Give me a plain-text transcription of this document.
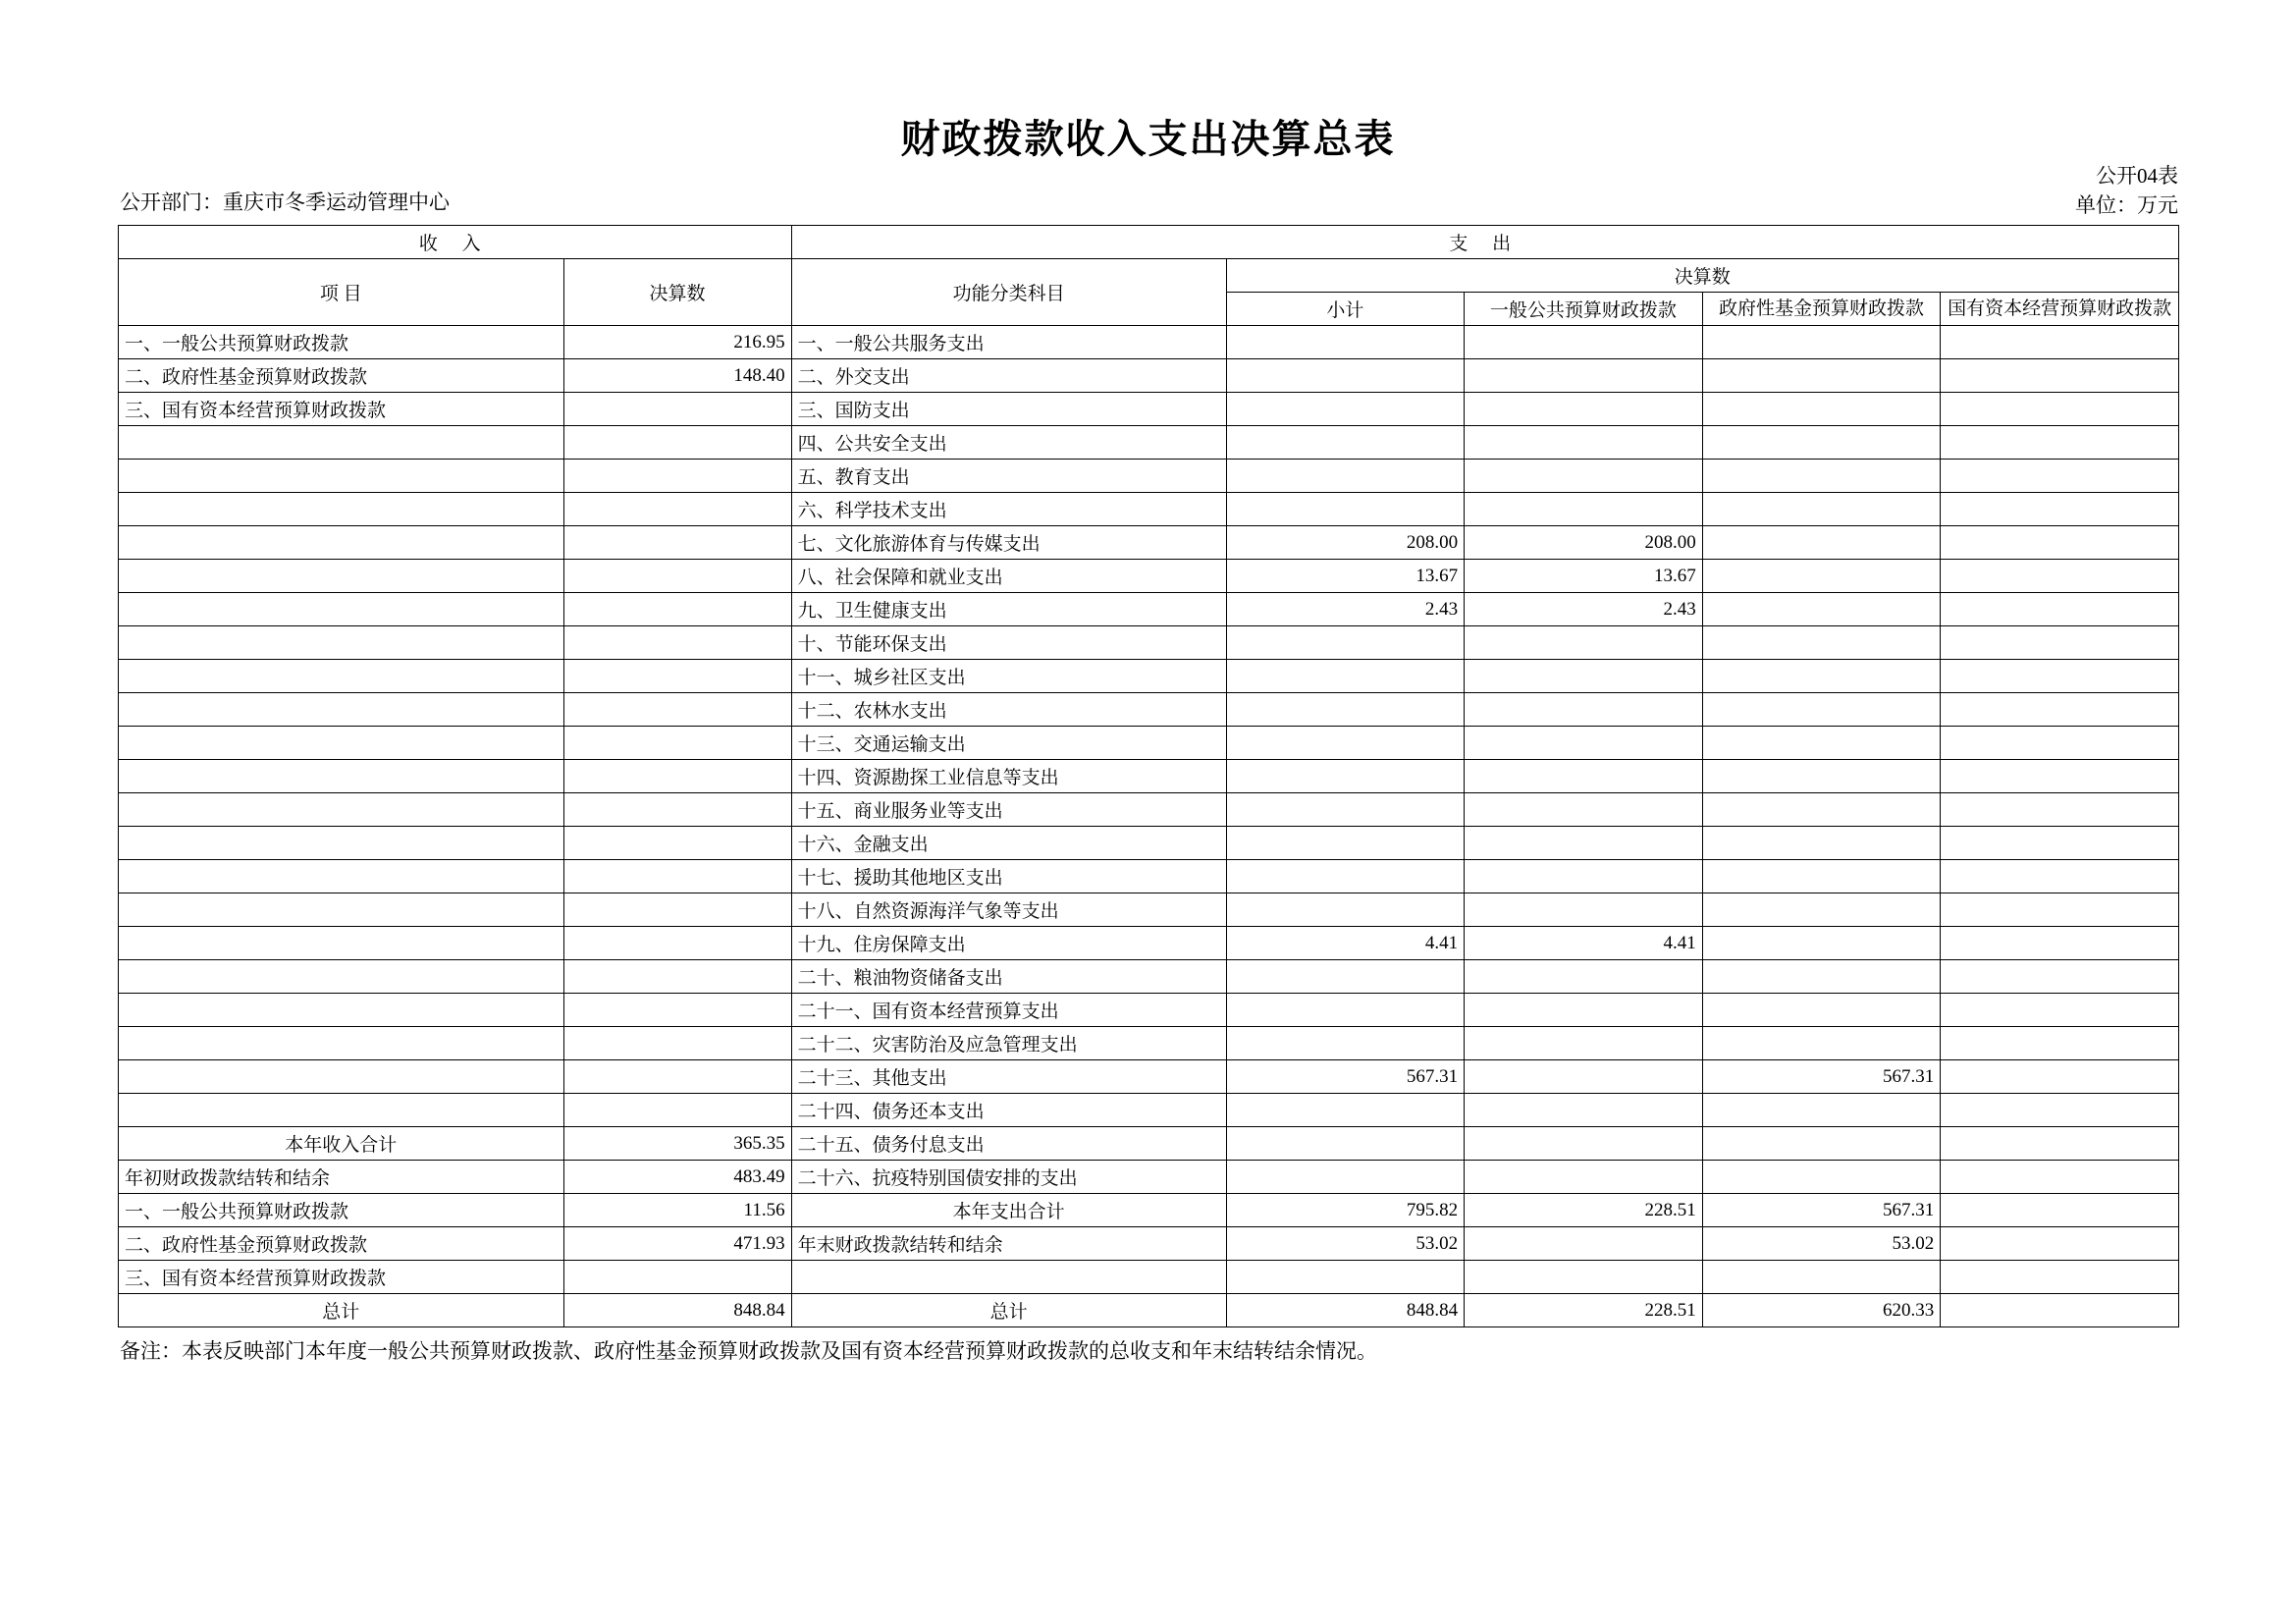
财政拨款收入支出决算总表
公开04表
单位：万元
公开部门：重庆市冬季运动管理中心
收 入		支 出				
项 目	决算数	功能分类科目	决算数			
			小计	一般公共预算财政拨款	政府性基金预算财政拨款	国有资本经营预算财政拨款
一、一般公共预算财政拨款	216.95	一、一般公共服务支出				
二、政府性基金预算财政拨款	148.40	二、外交支出				
三、国有资本经营预算财政拨款		三、国防支出				
		四、公共安全支出				
		五、教育支出				
		六、科学技术支出				
		七、文化旅游体育与传媒支出	208.00	208.00		
		八、社会保障和就业支出	13.67	13.67		
		九、卫生健康支出	2.43	2.43		
		十、节能环保支出				
		十一、城乡社区支出				
		十二、农林水支出				
		十三、交通运输支出				
		十四、资源勘探工业信息等支出				
		十五、商业服务业等支出				
		十六、金融支出				
		十七、援助其他地区支出				
		十八、自然资源海洋气象等支出				
		十九、住房保障支出	4.41	4.41		
		二十、粮油物资储备支出				
		二十一、国有资本经营预算支出				
		二十二、灾害防治及应急管理支出				
		二十三、其他支出	567.31		567.31	
		二十四、债务还本支出				
本年收入合计	365.35	二十五、债务付息支出				
年初财政拨款结转和结余	483.49	二十六、抗疫特别国债安排的支出				
一、一般公共预算财政拨款	11.56	本年支出合计	795.82	228.51	567.31	
二、政府性基金预算财政拨款	471.93	年末财政拨款结转和结余	53.02		53.02	
三、国有资本经营预算财政拨款						
总计	848.84	总计	848.84	228.51	620.33	
备注：本表反映部门本年度一般公共预算财政拨款、政府性基金预算财政拨款及国有资本经营预算财政拨款的总收支和年末结转结余情况。
